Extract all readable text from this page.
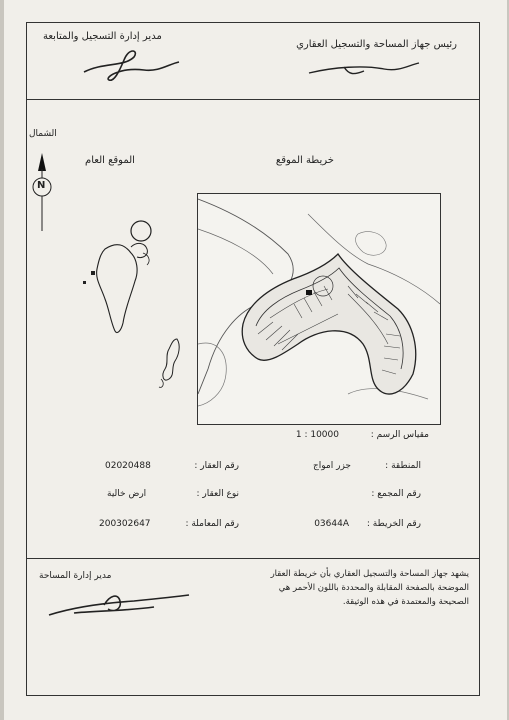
رئيس جهاز المساحة والتسجيل العقاري
مدير إدارة التسجيل والمتابعة
خريطة الموقع
الموقع العام
مقياس الرسم :
1 : 10000
الشمال
N
المنطقة :
جزر امواج
رقم العقار :
02020488
رقم المجمع :
نوع العقار :
ارض خالية
رقم الخريطة :
03644A
رقم المعاملة :
200302647
يشهد جهاز المساحة والتسجيل العقاري بأن خريطة العقار الموضحة بالصفحة المقابلة والمحددة باللون الأحمر هي الصحيحة والمعتمدة في هذه الوثيقة.
مدير إدارة المساحة
